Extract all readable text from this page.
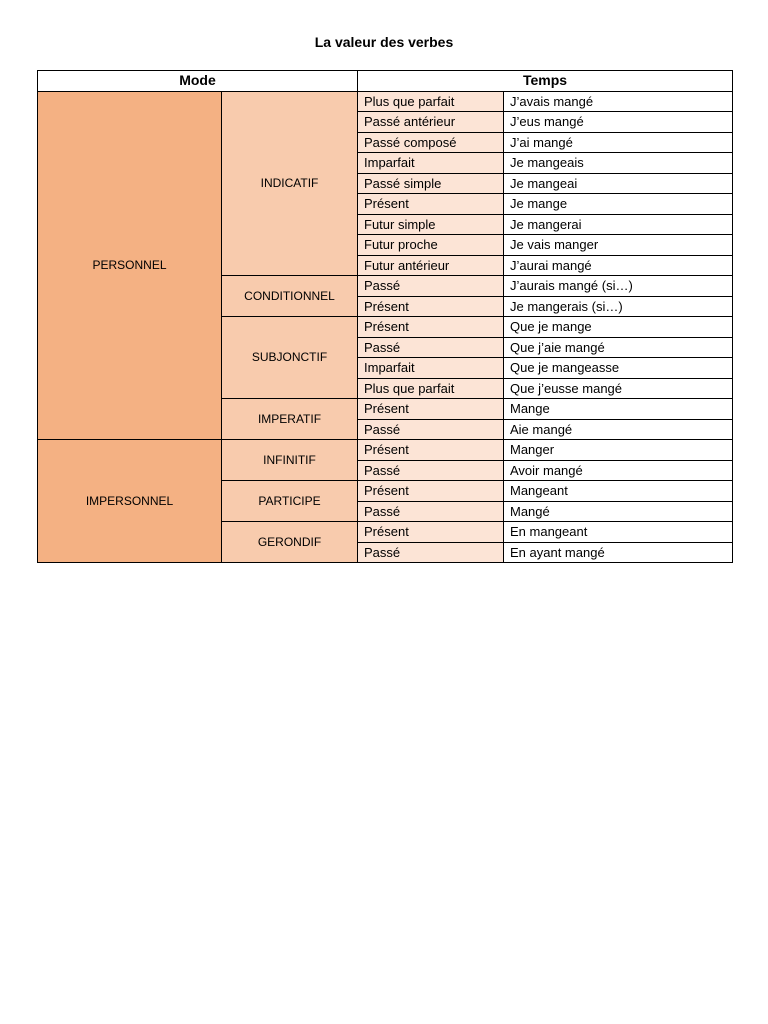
La valeur des verbes
Mode		Temps	
PERSONNEL	INDICATIF	Plus que parfait	J’avais mangé
		Passé antérieur	J’eus mangé
		Passé composé	J’ai mangé
		Imparfait	Je mangeais
		Passé simple	Je mangeai
		Présent	Je mange
		Futur simple	Je mangerai
		Futur proche	Je vais manger
		Futur antérieur	J’aurai mangé
	CONDITIONNEL	Passé	J’aurais mangé (si…)
		Présent	Je mangerais (si…)
	SUBJONCTIF	Présent	Que je mange
		Passé	Que j’aie mangé
		Imparfait	Que je mangeasse
		Plus que parfait	Que j’eusse mangé
	IMPERATIF	Présent	Mange
		Passé	Aie mangé
IMPERSONNEL	INFINITIF	Présent	Manger
		Passé	Avoir mangé
	PARTICIPE	Présent	Mangeant
		Passé	Mangé
	GERONDIF	Présent	En mangeant
		Passé	En ayant mangé
